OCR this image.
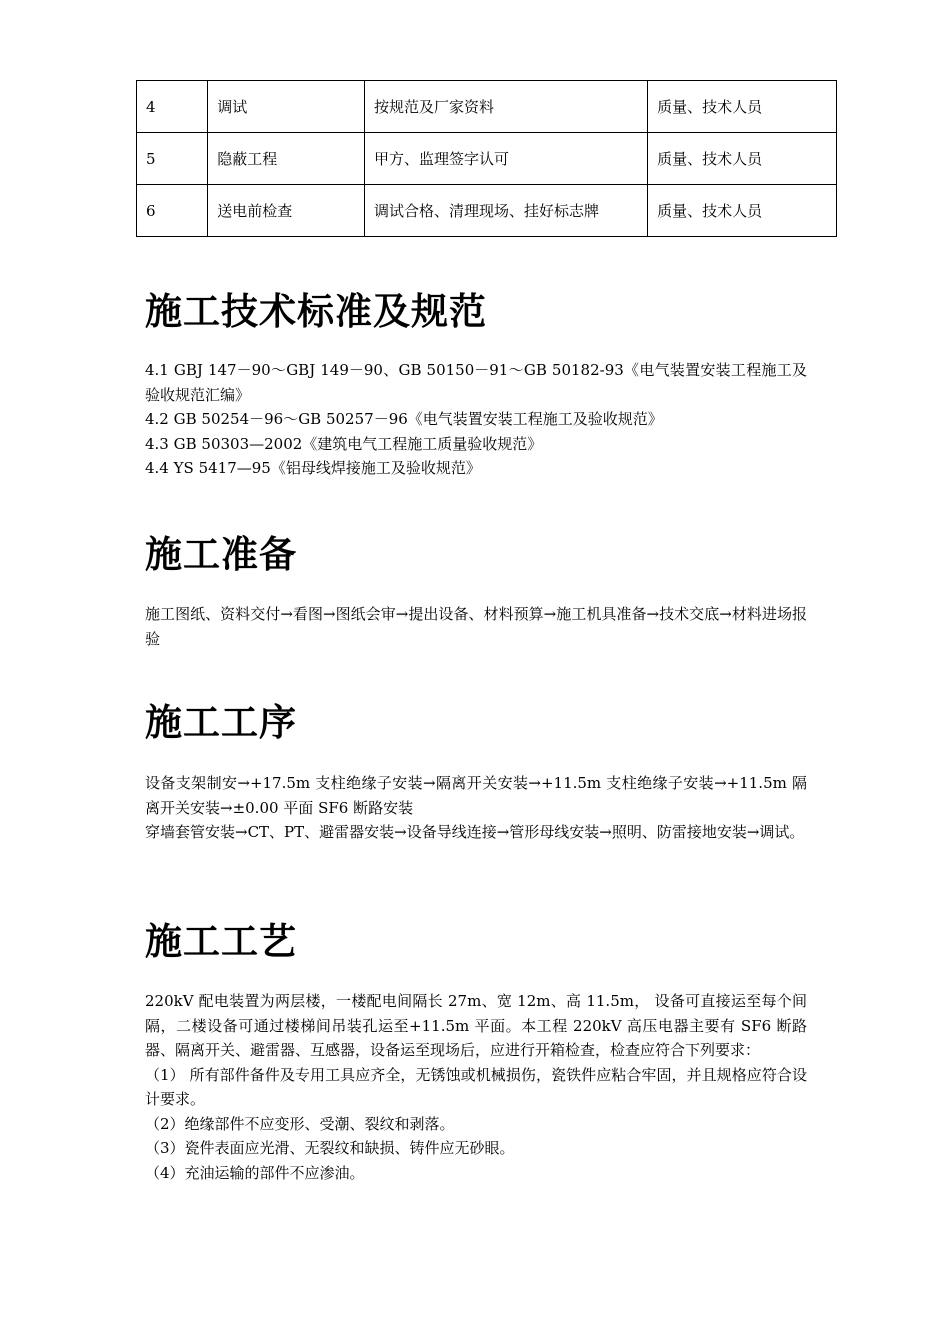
4	调试	按规范及厂家资料	质量、技术人员
5	隐蔽工程	甲方、监理签字认可	质量、技术人员
6	送电前检查	调试合格、清理现场、挂好标志牌	质量、技术人员
施工技术标准及规范
4.1 GBJ 147－90～GBJ 149－90、GB 50150－91～GB 50182-93《电气装置安装工程施工及验收规范汇编》
4.2 GB 50254－96～GB 50257－96《电气装置安装工程施工及验收规范》
4.3 GB 50303—2002《建筑电气工程施工质量验收规范》
4.4 YS 5417—95《铝母线焊接施工及验收规范》
施工准备
施工图纸、资料交付→看图→图纸会审→提出设备、材料预算→施工机具准备→技术交底→材料进场报验
施工工序
设备支架制安→+17.5m 支柱绝缘子安装→隔离开关安装→+11.5m 支柱绝缘子安装→+11.5m 隔离开关安装→±0.00 平面 SF6 断路安装
穿墙套管安装→CT、PT、避雷器安装→设备导线连接→管形母线安装→照明、防雷接地安装→调试。
施工工艺
220kV 配电装置为两层楼，一楼配电间隔长 27m、宽 12m、高 11.5m， 设备可直接运至每个间隔，二楼设备可通过楼梯间吊装孔运至+11.5m 平面。本工程 220kV 高压电器主要有 SF6 断路器、隔离开关、避雷器、互感器，设备运至现场后，应进行开箱检查，检查应符合下列要求：
（1） 所有部件备件及专用工具应齐全，无锈蚀或机械损伤，瓷铁件应粘合牢固，并且规格应符合设计要求。
（2）绝缘部件不应变形、受潮、裂纹和剥落。
（3）瓷件表面应光滑、无裂纹和缺损、铸件应无砂眼。
（4）充油运输的部件不应渗油。
